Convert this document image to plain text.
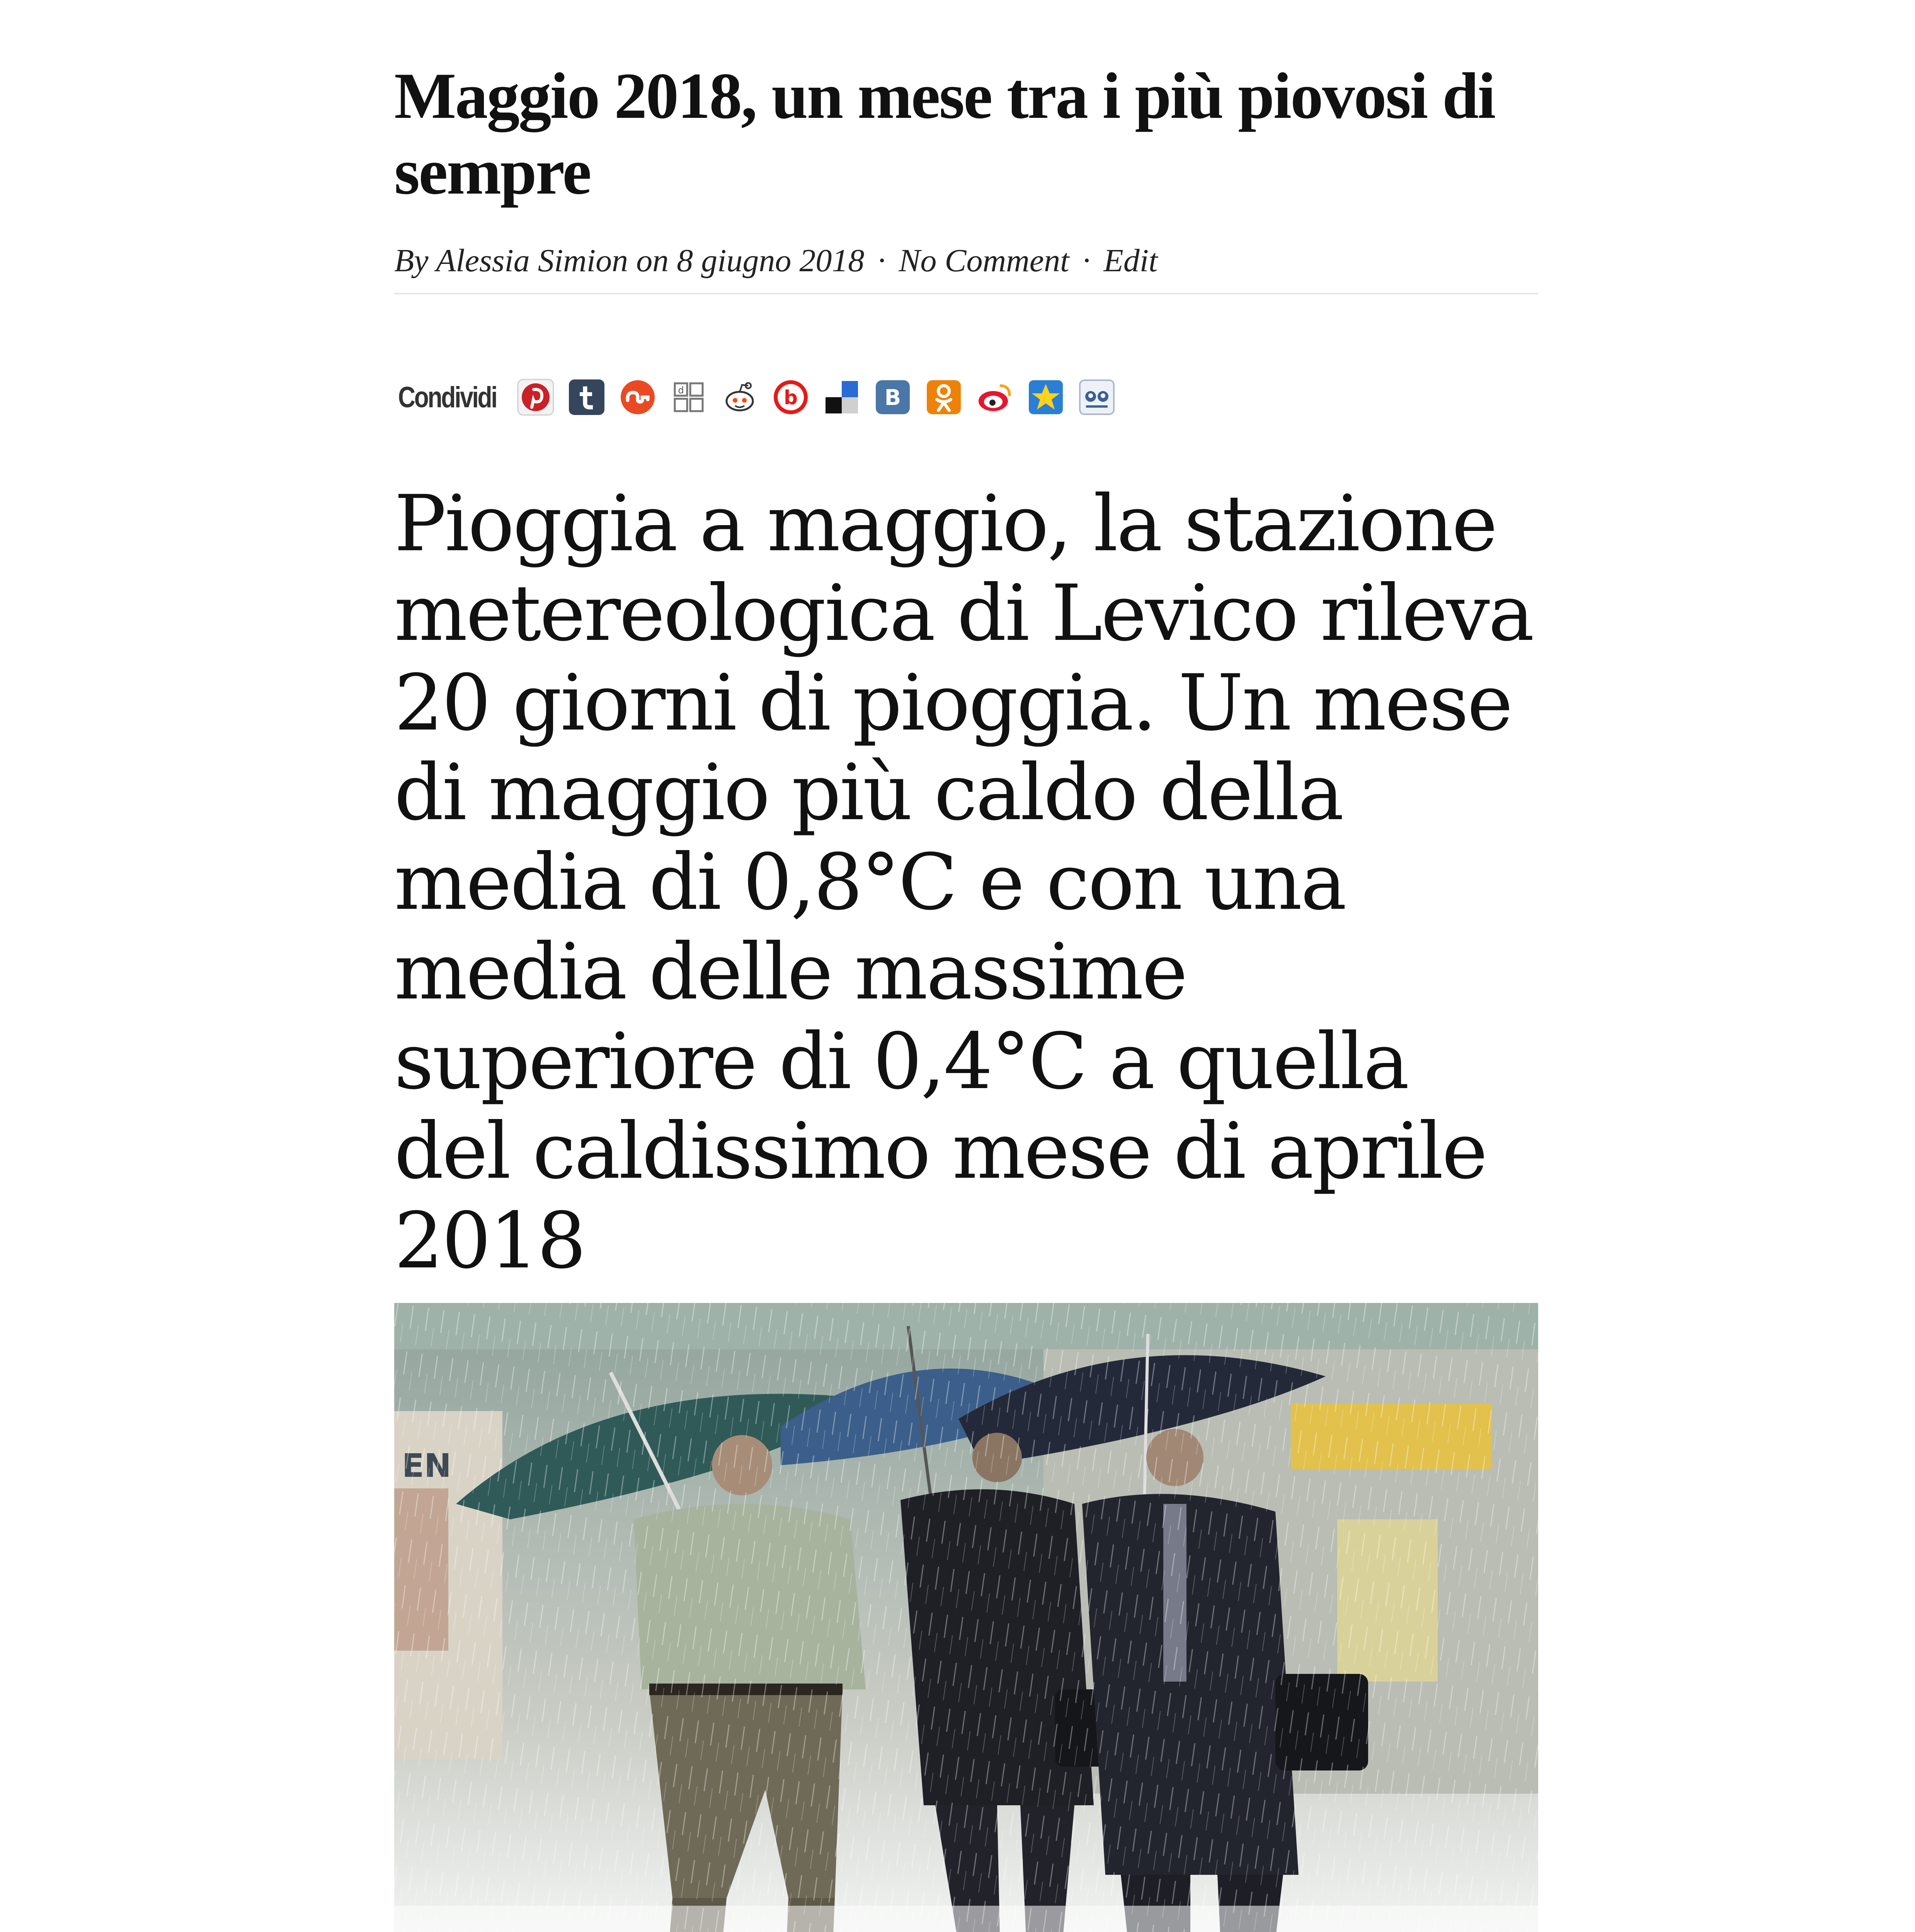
Maggio 2018, un mese tra i più piovosi di sempre
By Alessia Simion on 8 giugno 2018 · No Comment · Edit
Condividi	d	b	B
Pioggia a maggio, la stazione metereologica di Levico rileva 20 giorni di pioggia. Un mese di maggio più caldo della media di 0,8°C e con una media delle massime superiore di 0,4°C a quella del caldissimo mese di aprile 2018
